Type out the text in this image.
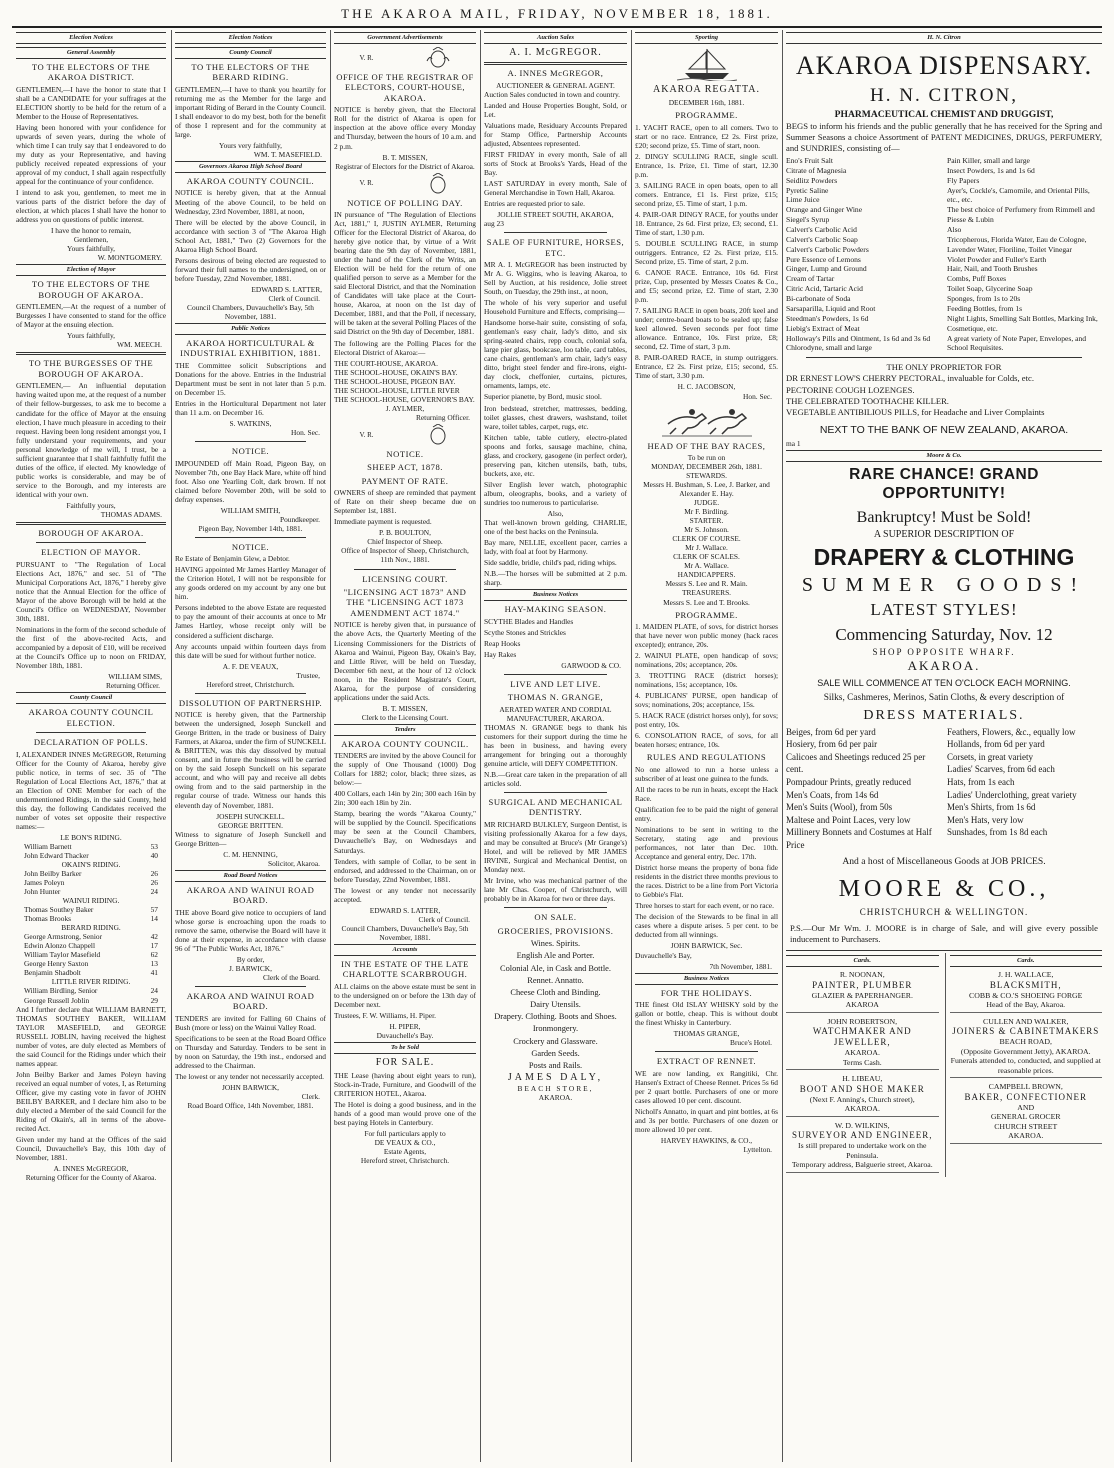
THE AKAROA MAIL, FRIDAY, NOVEMBER 18, 1881.
Election Notices
General Assembly
TO THE ELECTORS OF THE AKAROA DISTRICT.

GENTLEMEN,—I have the honor to state that I shall be a CANDIDATE for your suffrages at the ELECTION shortly to be held for the return of a Member to the House of Representatives.

Having been honored with your confidence for upwards of seven years, during the whole of which time I can truly say that I endeavored to do my duty as your Representative, and having publicly received repeated expressions of your approval of my conduct, I shall again respectfully appeal for the continuance of your confidence.

I intend to ask you, gentlemen, to meet me in various parts of the district before the day of election, at which places I shall have the honor to address you on questions of public interest.

I have the honor to remain,

Gentlemen,

Yours faithfully,

W. MONTGOMERY.

Election of Mayor
TO THE ELECTORS OF THE BOROUGH OF AKAROA.

GENTLEMEN,—At the request of a number of Burgesses I have consented to stand for the office of Mayor at the ensuing election.

Yours faithfully,

WM. MEECH.

TO THE BURGESSES OF THE BOROUGH OF AKAROA.

GENTLEMEN,— An influential deputation having waited upon me, at the request of a number of their fellow-burgesses, to ask me to become a candidate for the office of Mayor at the ensuing election, I have much pleasure in acceding to their request. Having been long resident amongst you, I fully understand your requirements, and your personal knowledge of me will, I trust, be a sufficient guarantee that I shall faithfully fulfil the duties of the office, if elected. My knowledge of public works is considerable, and may be of service to the Borough, and my interests are identical with your own.

Faithfully yours,

THOMAS ADAMS.

BOROUGH OF AKAROA.
ELECTION OF MAYOR.

PURSUANT to "The Regulation of Local Elections Act, 1876," and sec. 51 of "The Municipal Corporations Act, 1876," I hereby give notice that the Annual Election for the office of Mayor of the above Borough will be held at the Council's Office on WEDNESDAY, November 30th, 1881.

Nominations in the form of the second schedule of the first of the above-recited Acts, and accompanied by a deposit of £10, will be received at the Council's Office up to noon on FRIDAY, November 18th, 1881.

WILLIAM SIMS,

Returning Officer.

County Council
AKAROA COUNTY COUNCIL ELECTION.
DECLARATION OF POLLS.

I, ALEXANDER INNES McGREGOR, Returning Officer for the County of Akaroa, hereby give public notice, in terms of sec. 35 of "The Regulation of Local Elections Act, 1876," that at an Election of ONE Member for each of the undermentioned Ridings, in the said County, held this day, the following Candidates received the number of votes set opposite their respective names:—

LE BON'S RIDING.

William Barnett	53
John Edward Thacker	40

OKAIN'S RIDING.

John Beilby Barker	26
James Poleyn	26
John Hunter	24

WAINUI RIDING.

Thomas Southey Baker	57
Thomas Brooks	14

BERARD RIDING.

George Armstrong, Senior	42
Edwin Alonzo Chappell	17
William Taylor Masefield	62
George Henry Saxton	13
Benjamin Shadbolt	41

LITTLE RIVER RIDING.

William Birdling, Senior	24
George Russell Joblin	29

And I further declare that WILLIAM BARNETT, THOMAS SOUTHEY BAKER, WILLIAM TAYLOR MASEFIELD, and GEORGE RUSSELL JOBLIN, having received the highest number of votes, are duly elected as Members of the said Council for the Ridings under which their names appear.

John Beilby Barker and James Poleyn having received an equal number of votes, I, as Returning Officer, give my casting vote in favor of JOHN BEILBY BARKER, and I declare him also to be duly elected a Member of the said Council for the Riding of Okain's, all in terms of the above-recited Act.

Given under my hand at the Offices of the said Council, Duvauchelle's Bay, this 10th day of November, 1881.

A. INNES McGREGOR,

Returning Officer for the County of Akaroa.

Election Notices
County Council
TO THE ELECTORS OF THE BERARD RIDING.

GENTLEMEN,—I have to thank you heartily for returning me as the Member for the large and important Riding of Berard in the County Council. I shall endeavor to do my best, both for the benefit of those I represent and for the community at large.

Yours very faithfully,

WM. T. MASEFIELD.

Governors Akaroa High School Board
AKAROA COUNTY COUNCIL.

NOTICE is hereby given, that at the Annual Meeting of the above Council, to be held on Wednesday, 23rd November, 1881, at noon,

There will be elected by the above Council, in accordance with section 3 of "The Akaroa High School Act, 1881," Two (2) Governors for the Akaroa High School Board.

Persons desirous of being elected are requested to forward their full names to the undersigned, on or before Tuesday, 22nd November, 1881.

EDWARD S. LATTER,

Clerk of Council.

Council Chambers, Duvauchelle's Bay, 5th November, 1881.

Public Notices
AKAROA HORTICULTURAL & INDUSTRIAL EXHIBITION, 1881.

THE Committee solicit Subscriptions and Donations for the above. Entries in the Industrial Department must be sent in not later than 5 p.m. on December 15.

Entries in the Horticultural Department not later than 11 a.m. on December 16.

S. WATKINS,

Hon. Sec.

NOTICE.

IMPOUNDED off Main Road, Pigeon Bay, on November 7th, one Bay Hack Mare, white off hind foot. Also one Yearling Colt, dark brown. If not claimed before November 20th, will be sold to defray expenses.

WILLIAM SMITH,

Poundkeeper.

Pigeon Bay, November 14th, 1881.

NOTICE.

Re Estate of Benjamin Glew, a Debtor.

HAVING appointed Mr James Hartley Manager of the Criterion Hotel, I will not be responsible for any goods ordered on my account by any one but him.

Persons indebted to the above Estate are requested to pay the amount of their accounts at once to Mr James Hartley, whose receipt only will be considered a sufficient discharge.

Any accounts unpaid within fourteen days from this date will be sued for without further notice.

A. F. DE VEAUX,

Trustee,

Hereford street, Christchurch.

DISSOLUTION OF PARTNERSHIP.

NOTICE is hereby given, that the Partnership between the undersigned, Joseph Sunckell and George Britten, in the trade or business of Dairy Farmers, at Akaroa, under the firm of SUNCKELL & BRITTEN, was this day dissolved by mutual consent, and in future the business will be carried on by the said Joseph Sunckell on his separate account, and who will pay and receive all debts owing from and to the said partnership in the regular course of trade. Witness our hands this eleventh day of November, 1881.

JOSEPH SUNCKELL.

GEORGE BRITTEN.

Witness to signature of Joseph Sunckell and George Britten—

C. M. HENNING,

Solicitor, Akaroa.

Road Board Notices
AKAROA AND WAINUI ROAD BOARD.

THE above Board give notice to occupiers of land whose gorse is encroaching upon the roads to remove the same, otherwise the Board will have it done at their expense, in accordance with clause 96 of "The Public Works Act, 1876."

By order,

J. BARWICK,

Clerk of the Board.

AKAROA AND WAINUI ROAD BOARD.

TENDERS are invited for Falling 60 Chains of Bush (more or less) on the Wainui Valley Road.

Specifications to be seen at the Road Board Office on Thursday and Saturday. Tenders to be sent in by noon on Saturday, the 19th inst., endorsed and addressed to the Chairman.

The lowest or any tender not necessarily accepted.

JOHN BARWICK,

Clerk.

Road Board Office, 14th November, 1881.

Government Advertisements
V. R.
OFFICE OF THE REGISTRAR OF ELECTORS, COURT-HOUSE, AKAROA.

NOTICE is hereby given, that the Electoral Roll for the district of Akaroa is open for inspection at the above office every Monday and Thursday, between the hours of 10 a.m. and 2 p.m.

B. T. MISSEN,

Registrar of Electors for the District of Akaroa.

V. R.
NOTICE OF POLLING DAY.

IN pursuance of "The Regulation of Elections Act, 1881," I, JUSTIN AYLMER, Returning Officer for the Electoral District of Akaroa, do hereby give notice that, by virtue of a Writ bearing date the 9th day of November, 1881, under the hand of the Clerk of the Writs, an Election will be held for the return of one qualified person to serve as a Member for the said Electoral District, and that the Nomination of Candidates will take place at the Court-house, Akaroa, at noon on the 1st day of December, 1881, and that the Poll, if necessary, will be taken at the several Polling Places of the said District on the 9th day of December, 1881.

The following are the Polling Places for the Electoral District of Akaroa:—

THE COURT-HOUSE, AKAROA.
THE SCHOOL-HOUSE, OKAIN'S BAY.
THE SCHOOL-HOUSE, PIGEON BAY.
THE SCHOOL-HOUSE, LITTLE RIVER
THE SCHOOL-HOUSE, GOVERNOR'S BAY.

J. AYLMER,

Returning Officer.

V. R.
NOTICE.
SHEEP ACT, 1878.
PAYMENT OF RATE.

OWNERS of sheep are reminded that payment of Rate on their sheep became due on September 1st, 1881.

Immediate payment is requested.

P. B. BOULTON,

Chief Inspector of Sheep.

Office of Inspector of Sheep, Christchurch, 11th Nov., 1881.

LICENSING COURT.
"LICENSING ACT 1873" AND THE "LICENSING ACT 1873 AMENDMENT ACT 1874."

NOTICE is hereby given that, in pursuance of the above Acts, the Quarterly Meeting of the Licensing Commissioners for the Districts of Akaroa and Wainui, Pigeon Bay, Okain's Bay, and Little River, will be held on Tuesday, December 6th next, at the hour of 12 o'clock noon, in the Resident Magistrate's Court, Akaroa, for the purpose of considering applications under the said Acts.

B. T. MISSEN,

Clerk to the Licensing Court.

Tenders
AKAROA COUNTY COUNCIL.

TENDERS are invited by the above Council for the supply of One Thousand (1000) Dog Collars for 1882; color, black; three sizes, as below:—

400 Collars, each 14in by 2in; 300 each 16in by 2in; 300 each 18in by 2in.

Stamp, bearing the words "Akaroa County," will be supplied by the Council. Specifications may be seen at the Council Chambers, Duvauchelle's Bay, on Wednesdays and Saturdays.

Tenders, with sample of Collar, to be sent in endorsed, and addressed to the Chairman, on or before Tuesday, 22nd November, 1881.

The lowest or any tender not necessarily accepted.

EDWARD S. LATTER,

Clerk of Council.

Council Chambers, Duvauchelle's Bay, 5th November, 1881.

Accounts
IN THE ESTATE OF THE LATE CHARLOTTE SCARBROUGH.

ALL claims on the above estate must be sent in to the undersigned on or before the 13th day of December next.

Trustees, F. W. Williams, H. Piper.

H. PIPER,

Duvauchelle's Bay.

To be Sold
FOR SALE.

THE Lease (having about eight years to run), Stock-in-Trade, Furniture, and Goodwill of the CRITERION HOTEL, Akaroa.

The Hotel is doing a good business, and in the hands of a good man would prove one of the best paying Hotels in Canterbury.

For full particulars apply to

DE VEAUX & CO.,

Estate Agents,

Hereford street, Christchurch.

Auction Sales
A. I. McGREGOR.
A. INNES McGREGOR,

AUCTIONEER & GENERAL AGENT.

Auction Sales conducted in town and country.

Landed and House Properties Bought, Sold, or Let.

Valuations made, Residuary Accounts Prepared for Stamp Office, Partnership Accounts adjusted, Absentees represented.

FIRST FRIDAY in every month, Sale of all sorts of Stock at Brooks's Yards, Head of the Bay.

LAST SATURDAY in every month, Sale of General Merchandise in Town Hall, Akaroa.

Entries are requested prior to sale.

JOLLIE STREET SOUTH, AKAROA,

aug 23

SALE OF FURNITURE, HORSES, ETC.

MR A. I. McGREGOR has been instructed by Mr A. G. Wiggins, who is leaving Akaroa, to Sell by Auction, at his residence, Jolie street South, on Tuesday, the 29th inst., at noon,

The whole of his very superior and useful Household Furniture and Effects, comprising—

Handsome horse-hair suite, consisting of sofa, gentleman's easy chair, lady's ditto, and six spring-seated chairs, repp couch, colonial sofa, large pier glass, bookcase, loo table, card tables, cane chairs, gentleman's arm chair, lady's easy ditto, bright steel fender and fire-irons, eight-day clock, cheffonier, curtains, pictures, ornaments, lamps, etc.

Superior pianette, by Bord, music stool.

Iron bedstead, stretcher, mattresses, bedding, toilet glasses, chest drawers, washstand, toilet ware, toilet tables, carpet, rugs, etc.

Kitchen table, table cutlery, electro-plated spoons and forks, sausage machine, china, glass, and crockery, gasogene (in perfect order), preserving pan, kitchen utensils, bath, tubs, buckets, axe, etc.

Silver English lever watch, photographic album, oleographs, books, and a variety of sundries too numerous to particularise.

Also,

That well-known brown gelding, CHARLIE, one of the best hacks on the Peninsula.

Bay mare, NELLIE, excellent pacer, carries a lady, with foal at foot by Harmony.

Side saddle, bridle, child's pad, riding whips.

N.B.—The horses will be submitted at 2 p.m. sharp.

Business Notices
HAY-MAKING SEASON.

SCYTHE Blades and Handles

Scythe Stones and Strickles

Reap Hooks

Hay Rakes

GARWOOD & CO.

LIVE AND LET LIVE.
THOMAS N. GRANGE,

AERATED WATER AND CORDIAL MANUFACTURER, AKAROA.

THOMAS N. GRANGE begs to thank his customers for their support during the time he has been in business, and having every arrangement for bringing out a thoroughly genuine article, will DEFY COMPETITION.

N.B.—Great care taken in the preparation of all articles sold.

SURGICAL AND MECHANICAL DENTISTRY.

MR RICHARD BULKLEY, Surgeon Dentist, is visiting professionally Akaroa for a few days, and may be consulted at Bruce's (Mr Grange's) Hotel, and will be relieved by MR JAMES IRVINE, Surgical and Mechanical Dentist, on Monday next.

Mr Irvine, who was mechanical partner of the late Mr Chas. Cooper, of Christchurch, will probably be in Akaroa for two or three days.

ON SALE.
GROCERIES, PROVISIONS.
Wines. Spirits.
English Ale and Porter.
Colonial Ale, in Cask and Bottle.
Rennet. Annatto.
Cheese Cloth and Binding.
Dairy Utensils.
Drapery. Clothing. Boots and Shoes.
Ironmongery.
Crockery and Glassware.
Garden Seeds.
Posts and Rails.

JAMES DALY,

BEACH STORE,

AKAROA.

Sporting
AKAROA REGATTA.

DECEMBER 16th, 1881.

PROGRAMME.

1. YACHT RACE, open to all comers. Two to start or no race. Entrance, £2 2s. First prize, £20; second prize, £5. Time of start, noon.

2. DINGY SCULLING RACE, single scull. Entrance, 1s. Prize, £1. Time of start, 12.30 p.m.

3. SAILING RACE in open boats, open to all comers. Entrance, £1 1s. First prize, £15; second prize, £5. Time of start, 1 p.m.

4. PAIR-OAR DINGY RACE, for youths under 18. Entrance, 2s 6d. First prize, £3; second, £1. Time of start, 1.30 p.m.

5. DOUBLE SCULLING RACE, in stump outriggers. Entrance, £2 2s. First prize, £15. Second prize, £5. Time of start, 2 p.m.

6. CANOE RACE. Entrance, 10s 6d. First prize, Cup, presented by Messrs Coates & Co., and £5; second prize, £2. Time of start, 2.30 p.m.

7. SAILING RACE in open boats, 20ft keel and under; centre-board boats to be sealed up; false keel allowed. Seven seconds per foot time allowance. Entrance, 10s. First prize, £8; second, £2. Time of start, 3 p.m.

8. PAIR-OARED RACE, in stump outriggers. Entrance, £2 2s. First prize, £15; second, £5. Time of start, 3.30 p.m.

H. C. JACOBSON,

Hon. Sec.

HEAD OF THE BAY RACES,

To be run on

MONDAY, DECEMBER 26th, 1881.

STEWARDS.

Messrs H. Bushman, S. Lee, J. Barker, and Alexander E. Hay.

JUDGE.

Mr F. Birdling.

STARTER.

Mr S. Johnson.

CLERK OF COURSE.

Mr J. Wallace.

CLERK OF SCALES.

Mr A. Wallace.

HANDICAPPERS.

Messrs S. Lee and R. Main.

TREASURERS.

Messrs S. Lee and T. Brooks.

PROGRAMME.

1. MAIDEN PLATE, of sovs, for district horses that have never won public money (hack races excepted); entrance, 20s.

2. WAINUI PLATE, open handicap of sovs; nominations, 20s; acceptance, 20s.

3. TROTTING RACE (district horses); nominations, 15s; acceptance, 10s.

4. PUBLICANS' PURSE, open handicap of sovs; nominations, 20s; acceptance, 15s.

5. HACK RACE (district horses only), for sovs; post entry, 10s.

6. CONSOLATION RACE, of sovs, for all beaten horses; entrance, 10s.

RULES AND REGULATIONS

No one allowed to run a horse unless a subscriber of at least one guinea to the funds.

All the races to be run in heats, except the Hack Race.

Qualification fee to be paid the night of general entry.

Nominations to be sent in writing to the Secretary, stating age and previous performances, not later than Dec. 10th. Acceptance and general entry, Dec. 17th.

District horse means the property of bona fide residents in the district three months previous to the races. District to be a line from Port Victoria to Gebbie's Flat.

Three horses to start for each event, or no race.

The decision of the Stewards to be final in all cases where a dispute arises. 5 per cent. to be deducted from all winnings.

JOHN BARWICK, Sec.

Duvauchelle's Bay,

7th November, 1881.

Business Notices
FOR THE HOLIDAYS.

THE finest Old ISLAY WHISKY sold by the gallon or bottle, cheap. This is without doubt the finest Whisky in Canterbury.

THOMAS GRANGE,

Bruce's Hotel.

EXTRACT OF RENNET.

WE are now landing, ex Rangitiki, Chr. Hansen's Extract of Cheese Rennet. Prices 5s 6d per 2 quart bottle. Purchasers of one or more cases allowed 10 per cent. discount.

Nicholl's Annatto, in quart and pint bottles, at 6s and 3s per bottle. Purchasers of one dozen or more allowed 10 per cent.

HARVEY HAWKINS, & CO.,

Lyttelton.

H. N. Citron
AKAROA DISPENSARY.
H. N. CITRON,
PHARMACEUTICAL CHEMIST AND DRUGGIST,

BEGS to inform his friends and the public generally that he has received for the Spring and Summer Seasons a choice Assortment of PATENT MEDICINES, DRUGS, PERFUMERY, and SUNDRIES, consisting of—

Eno's Fruit Salt
Citrate of Magnesia
Seidlitz Powders
Pyretic Saline
Lime Juice
Orange and Ginger Wine
Siegel's Syrup
Calvert's Carbolic Acid
Calvert's Carbolic Soap
Calvert's Carbolic Powders
Pure Essence of Lemons
Ginger, Lump and Ground
Cream of Tartar
Citric Acid, Tartaric Acid
Bi-carbonate of Soda
Sarsaparilla, Liquid and Root
Steedman's Powders, 1s 6d
Liebig's Extract of Meat
Holloway's Pills and Ointment, 1s 6d and 3s 6d
Chlorodyne, small and large
Pain Killer, small and large
Insect Powders, 1s and 1s 6d
Fly Papers
Ayer's, Cockle's, Camomile, and Oriental Pills, etc., etc.
The best choice of Perfumery from Rimmell and Piesse & Lubin
Also
Tricopherous, Florida Water, Eau de Cologne, Lavender Water, Floriline, Toilet Vinegar
Violet Powder and Fuller's Earth
Hair, Nail, and Tooth Brushes
Combs, Puff Boxes
Toilet Soap, Glycerine Soap
Sponges, from 1s to 20s
Feeding Bottles, from 1s
Night Lights, Smelling Salt Bottles, Marking Ink, Cosmetique, etc.
A great variety of Note Paper, Envelopes, and School Requisites.

THE ONLY PROPRIETOR FOR

DR ERNEST LOW'S CHERRY PECTORAL, invaluable for Colds, etc.
PECTORINE COUGH LOZENGES.
THE CELEBRATED TOOTHACHE KILLER.
VEGETABLE ANTIBILIOUS PILLS, for Headache and Liver Complaints

NEXT TO THE BANK OF NEW ZEALAND, AKAROA.

ma 1

Moore & Co.
RARE CHANCE! GRAND OPPORTUNITY!
Bankruptcy! Must be Sold!
A SUPERIOR DESCRIPTION OF
DRAPERY & CLOTHING
SUMMER GOODS!
LATEST STYLES!
Commencing Saturday, Nov. 12
SHOP OPPOSITE WHARF.
AKAROA.
SALE WILL COMMENCE AT TEN O'CLOCK EACH MORNING.
Silks, Cashmeres, Merinos, Satin Cloths, & every description of
DRESS MATERIALS.
Beiges, from 6d per yard
Hosiery, from 6d per pair
Calicoes and Sheetings reduced 25 per cent.
Pompadour Prints, greatly reduced
Men's Coats, from 14s 6d
Men's Suits (Wool), from 50s
Maltese and Point Laces, very low
Millinery Bonnets and Costumes at Half Price
Feathers, Flowers, &c., equally low
Hollands, from 6d per yard
Corsets, in great variety
Ladies' Scarves, from 6d each
Hats, from 1s each
Ladies' Underclothing, great variety
Men's Shirts, from 1s 6d
Men's Hats, very low
Sunshades, from 1s 8d each

And a host of Miscellaneous Goods at JOB PRICES.

MOORE & CO.,
CHRISTCHURCH & WELLINGTON.

P.S.—Our Mr Wm. J. MOORE is in charge of Sale, and will give every possible inducement to Purchasers.

Cards.
R. NOONAN,
PAINTER, PLUMBER
GLAZIER & PAPERHANGER.
AKAROA
JOHN ROBERTSON,
WATCHMAKER AND JEWELLER,
AKAROA.
Terms Cash.
H. LIBEAU,
BOOT AND SHOE MAKER
(Next F. Anning's, Church street),
AKAROA.
W. D. WILKINS,
SURVEYOR AND ENGINEER,
Is still prepared to undertake work on the Peninsula.
Temporary address, Balguerie street, Akaroa.
Cards.
J. H. WALLACE,
BLACKSMITH,
COBB & CO.'S SHOEING FORGE
Head of the Bay, Akaroa.
CULLEN AND WALKER,
JOINERS & CABINETMAKERS
BEACH ROAD,
(Opposite Government Jetty), AKAROA.
Funerals attended to, conducted, and supplied at reasonable prices.
CAMPBELL BROWN,
BAKER, CONFECTIONER
AND
GENERAL GROCER
CHURCH STREET
AKAROA.
